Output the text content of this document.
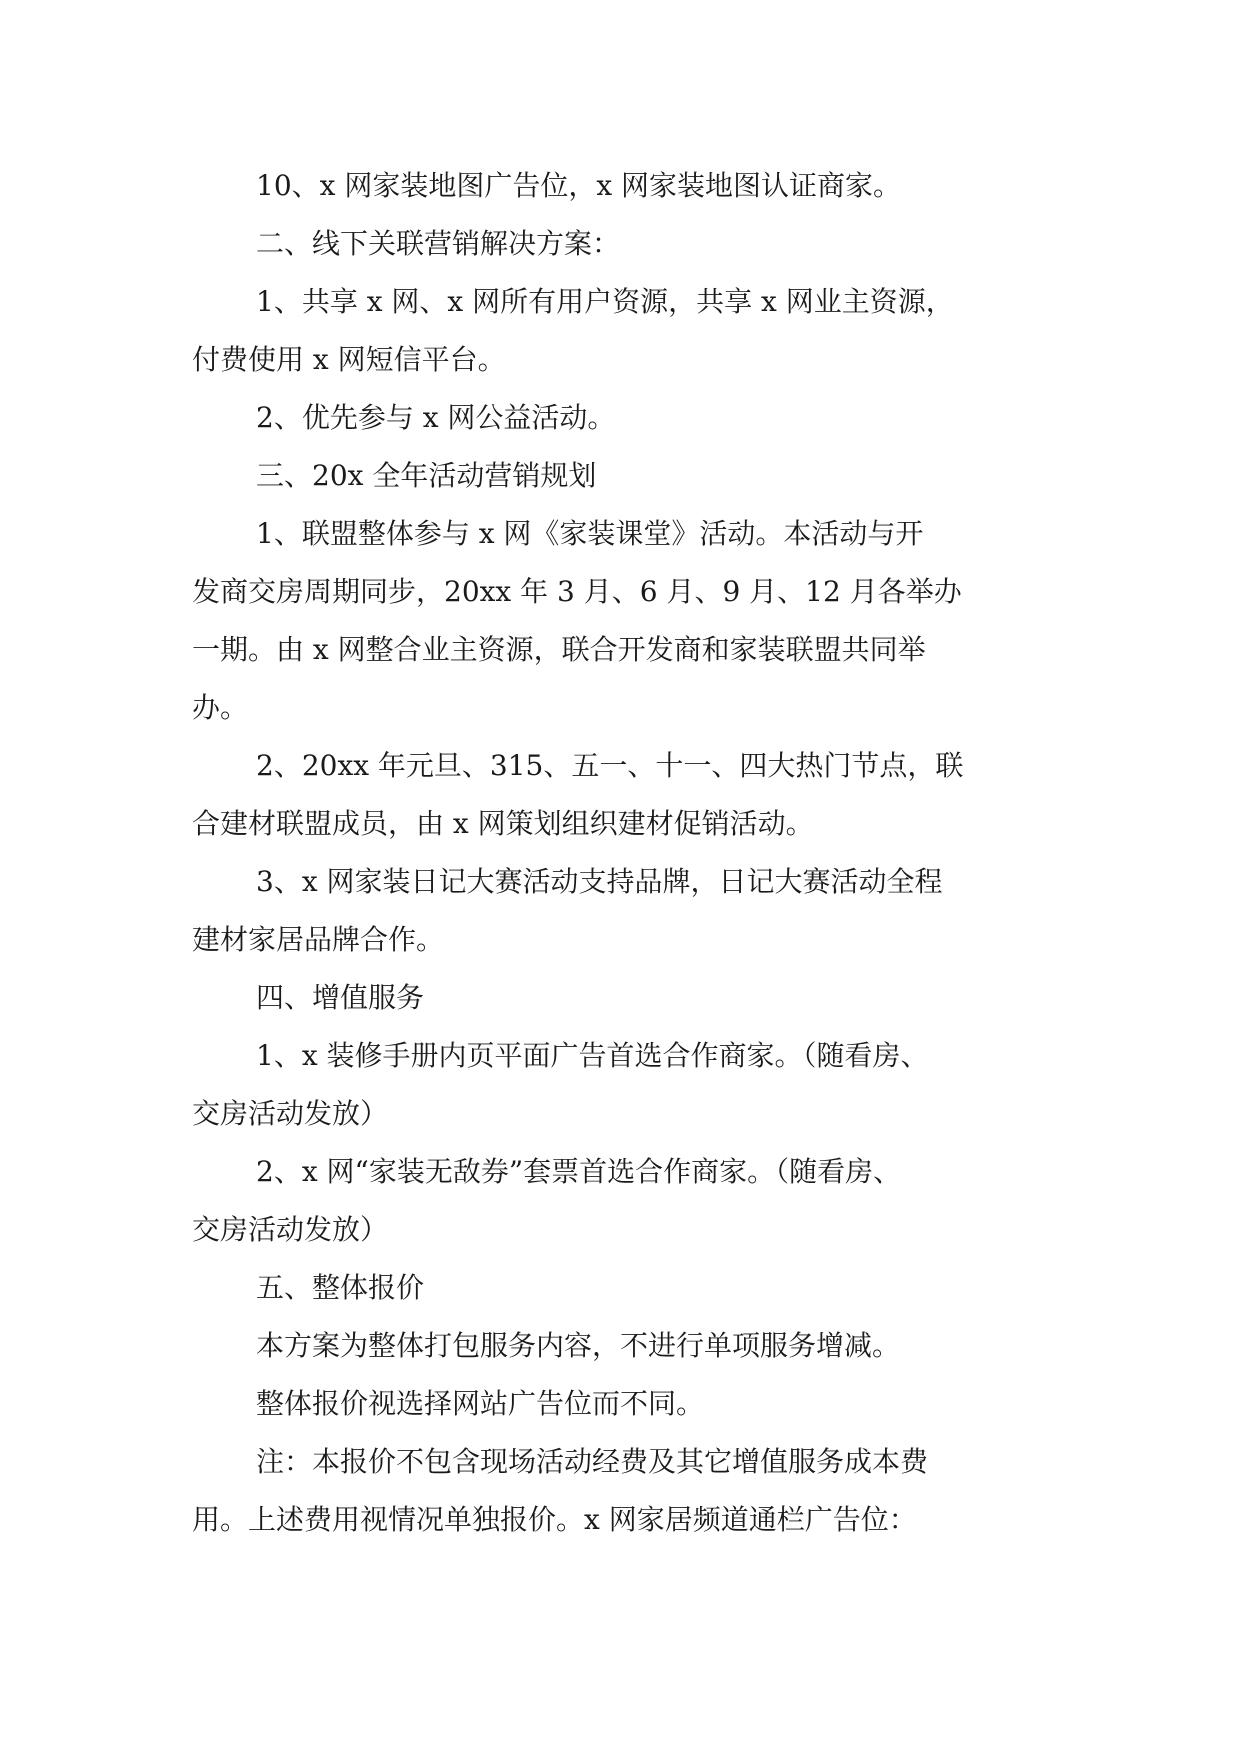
10、x 网家装地图广告位，x 网家装地图认证商家。
二、线下关联营销解决方案：
1、共享 x 网、x 网所有用户资源，共享 x 网业主资源，
付费使用 x 网短信平台。
2、优先参与 x 网公益活动。
三、20x 全年活动营销规划
1、联盟整体参与 x 网《家装课堂》活动。本活动与开
发商交房周期同步，20xx 年 3 月、6 月、9 月、12 月各举办
一期。由 x 网整合业主资源，联合开发商和家装联盟共同举
办。
2、20xx 年元旦、315、五一、十一、四大热门节点，联
合建材联盟成员，由 x 网策划组织建材促销活动。
3、x 网家装日记大赛活动支持品牌，日记大赛活动全程
建材家居品牌合作。
四、增值服务
1、x 装修手册内页平面广告首选合作商家。（随看房、
交房活动发放）
2、x 网“家装无敌券”套票首选合作商家。（随看房、
交房活动发放）
五、整体报价
本方案为整体打包服务内容，不进行单项服务增减。
整体报价视选择网站广告位而不同。
注：本报价不包含现场活动经费及其它增值服务成本费
用。上述费用视情况单独报价。x 网家居频道通栏广告位：
